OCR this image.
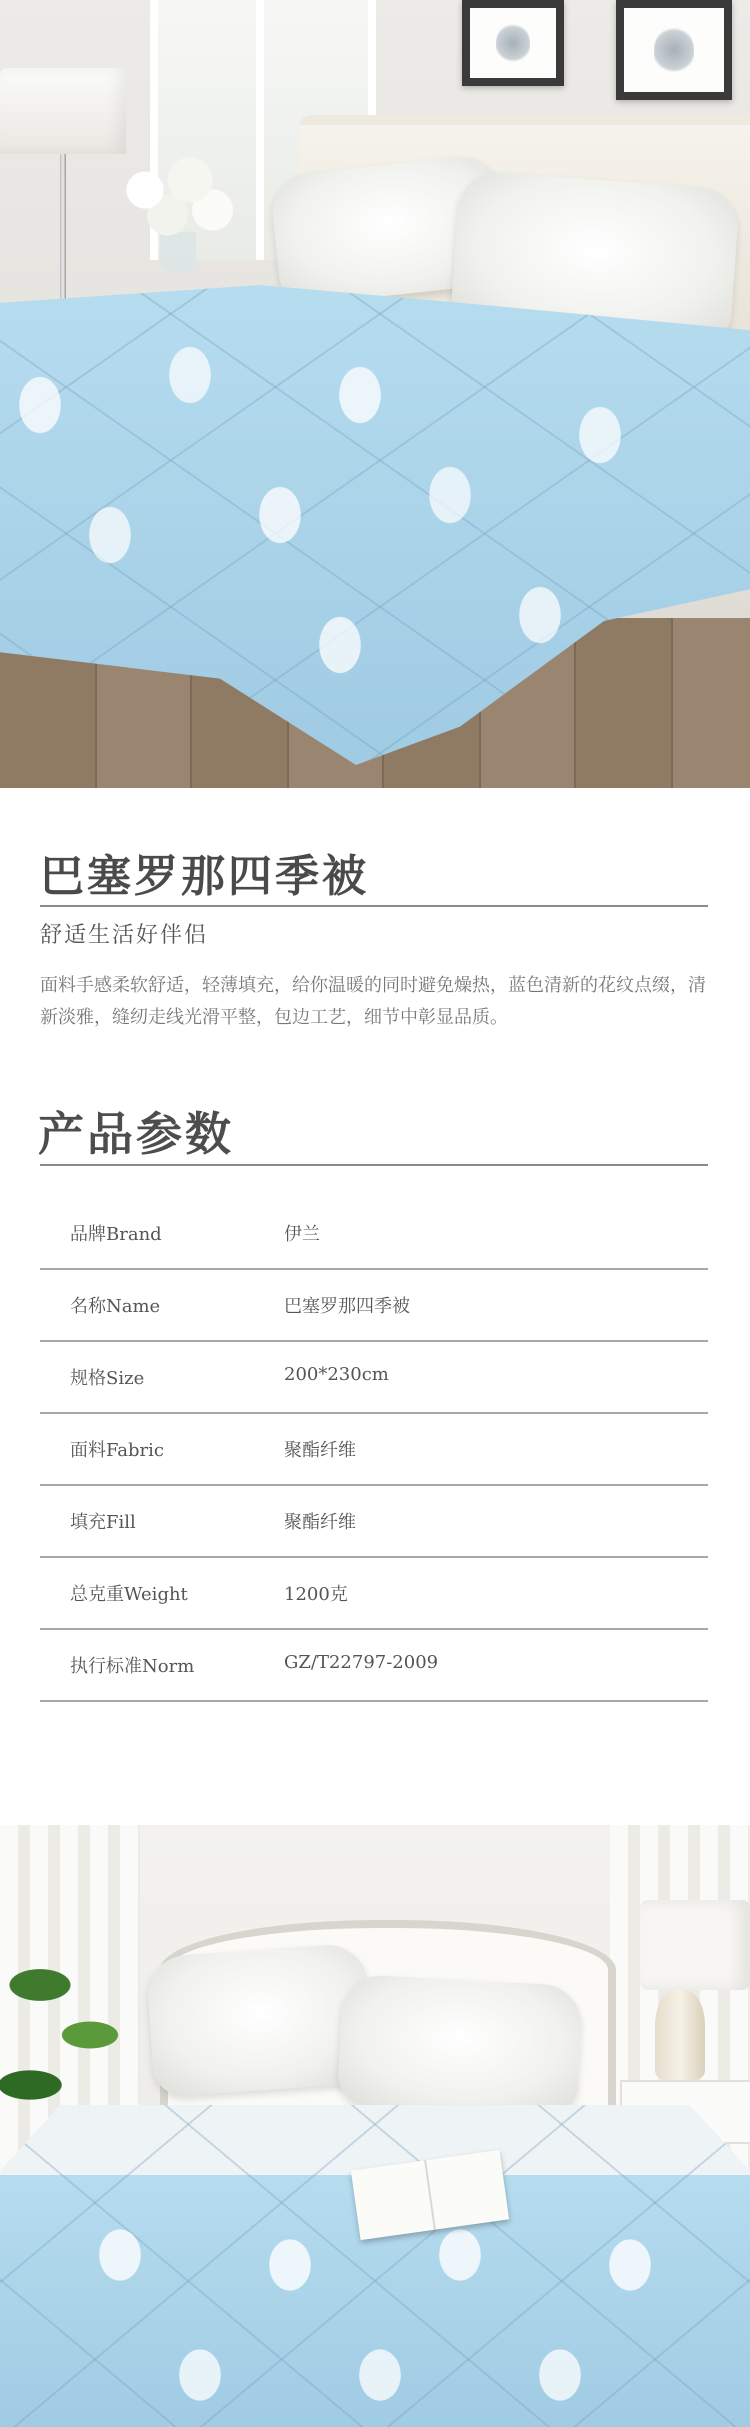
巴塞罗那四季被
舒适生活好伴侣

面料手感柔软舒适，轻薄填充，给你温暖的同时避免燥热，蓝色清新的花纹点缀，清新淡雅，缝纫走线光滑平整，包边工艺，细节中彰显品质。

产品参数
品牌Brand	伊兰
名称Name	巴塞罗那四季被
规格Size	200*230cm
面料Fabric	聚酯纤维
填充Fill	聚酯纤维
总克重Weight	1200克
执行标准Norm	GZ/T22797-2009
